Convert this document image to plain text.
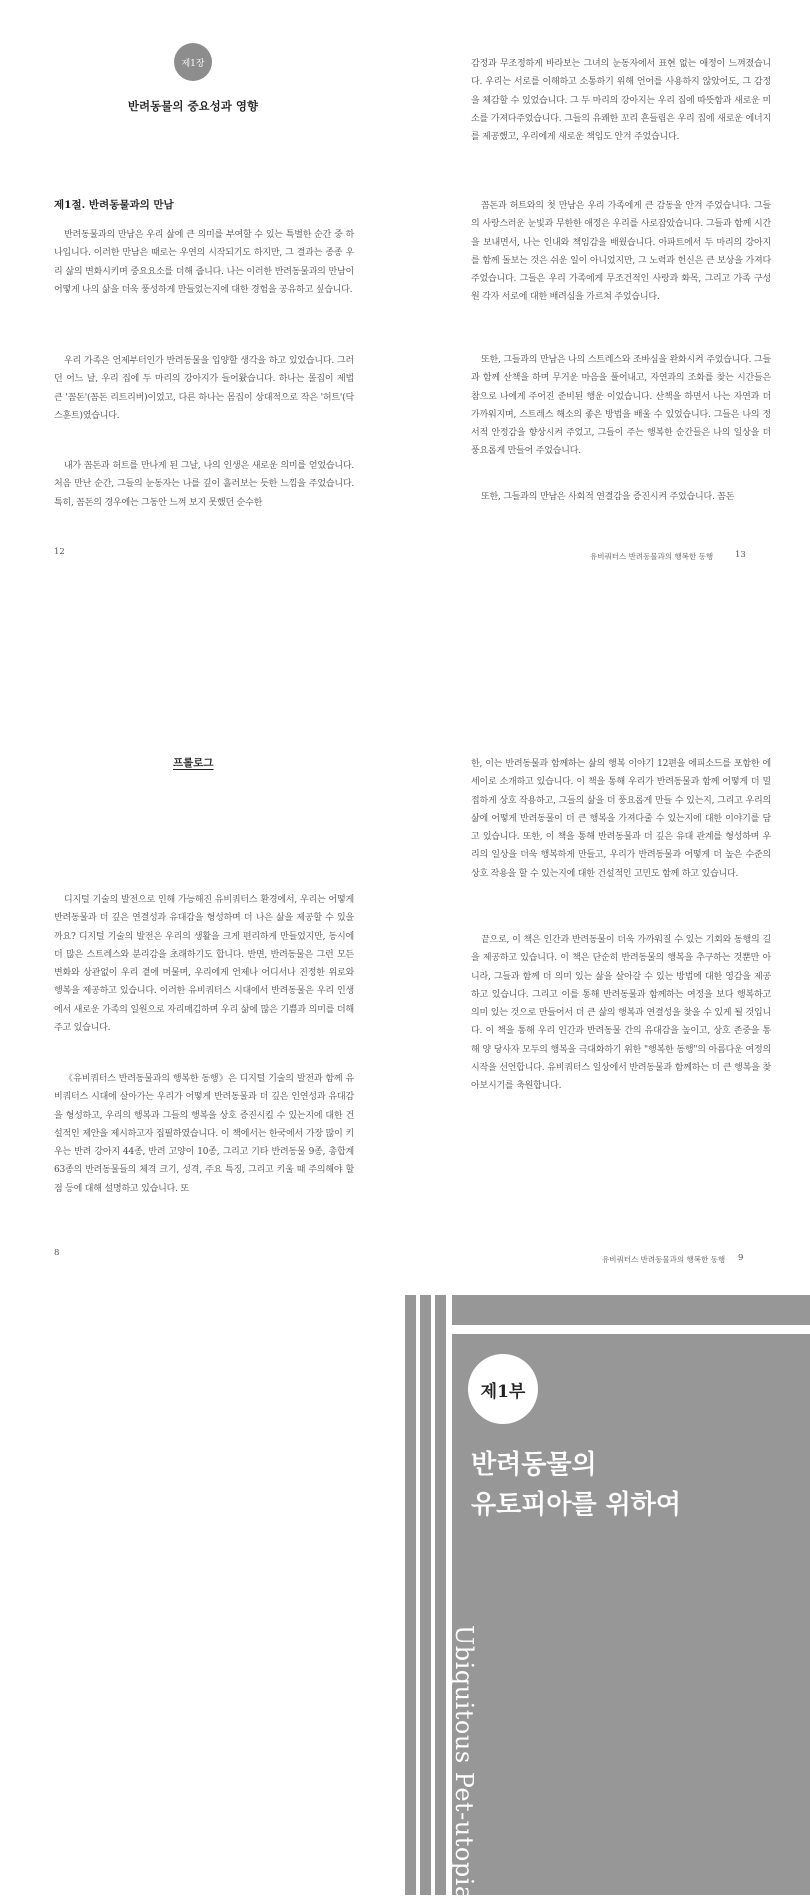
제1장
반려동물의 중요성과 영향
제1절. 반려동물과의 만남

반려동물과의 만남은 우리 삶에 큰 의미를 부여할 수 있는 특별한 순간 중 하나입니다. 이러한 만남은 때로는 우연의 시작되기도 하지만, 그 결과는 종종 우리 삶의 변화시키며 중요요소를 더해 줍니다. 나는 이러한 반려동물과의 만남이 어떻게 나의 삶을 더욱 풍성하게 만들었는지에 대한 경험을 공유하고 싶습니다.

우리 가족은 언제부터인가 반려동물을 입양할 생각을 하고 있었습니다. 그러던 어느 날, 우리 집에 두 마리의 강아지가 들어왔습니다. 하나는 몰집이 제법 큰 '꼼돈'(꼼돈 리트리버)이었고, 다른 하나는 몸집이 상대적으로 작은 '허트'(닥스훈트)였습니다.

내가 꼼돈과 허트를 만나게 된 그날, 나의 인생은 새로운 의미를 얻었습니다. 처음 만난 순간, 그들의 눈동자는 나를 깊이 흘러보는 듯한 느낌을 주었습니다. 특히, 꼼돈의 경우에는 그동안 느껴 보지 못했던 순수한

12

감정과 무조정하게 바라보는 그녀의 눈동자에서 표현 없는 애정이 느껴졌습니다. 우리는 서로를 이해하고 소통하기 위해 언어를 사용하지 않았어도, 그 감정을 체감할 수 있었습니다. 그 두 마리의 강아지는 우리 집에 따뜻함과 새로운 미소를 가져다주었습니다. 그들의 유쾌한 꼬리 흔들림은 우리 집에 새로운 에너지를 제공했고, 우리에게 새로운 책임도 안겨 주었습니다.

꼼돈과 허트와의 첫 만남은 우리 가족에게 큰 감동을 안겨 주었습니다. 그들의 사랑스러운 눈빛과 무한한 애정은 우리를 사로잡았습니다. 그들과 함께 시간을 보내면서, 나는 인내와 책임감을 배웠습니다. 아파트에서 두 마리의 강아지를 함께 돌보는 것은 쉬운 일이 아니었지만, 그 노력과 헌신은 큰 보상을 가져다주었습니다. 그들은 우리 가족에게 무조건적인 사랑과 화목, 그리고 가족 구성원 각자 서로에 대한 배려심을 가르쳐 주었습니다.

또한, 그들과의 만남은 나의 스트레스와 조바심을 완화시켜 주었습니다. 그들과 함께 산책을 하며 무거운 마음을 풀어내고, 자연과의 조화를 찾는 시간들은 참으로 나에게 주어진 준비된 행운 이었습니다. 산책을 하면서 나는 자연과 더 가까워지며, 스트레스 해소의 좋은 방법을 배울 수 있었습니다. 그들은 나의 정서적 안정감을 향상시켜 주었고, 그들이 주는 행복한 순간들은 나의 일상을 더 풍요롭게 만들어 주었습니다.

또한, 그들과의 만남은 사회적 연결감을 증진시켜 주었습니다. 꼼돈

유비쿼터스 반려동물과의 행복한 동행	13
프롤로그

디지털 기술의 발전으로 인해 가능해진 유비쿼터스 환경에서, 우리는 어떻게 반려동물과 더 깊은 연결성과 유대감을 형성하며 더 나은 삶을 제공할 수 있을까요? 디지털 기술의 발전은 우리의 생활을 크게 편리하게 만들었지만, 동시에 더 많은 스트레스와 분리감을 초래하기도 합니다. 반면, 반려동물은 그런 모든 변화와 상관없이 우리 곁에 머물며, 우리에게 언제나 어디서나 진정한 위로와 행복을 제공하고 있습니다. 이러한 유비쿼터스 시대에서 반려동물은 우리 인생에서 새로운 가족의 일원으로 자리매김하며 우리 삶에 많은 기쁨과 의미를 더해 주고 있습니다.

《유비쿼터스 반려동물과의 행복한 동행》은 디지털 기술의 발전과 함께 유비쿼터스 시대에 살아가는 우리가 어떻게 반려동물과 더 깊은 인연성과 유대감을 형성하고, 우리의 행복과 그들의 행복을 상호 증진시킬 수 있는지에 대한 건설적인 제안을 제시하고자 집필하였습니다. 이 책에서는 한국에서 가장 많이 키우는 반려 강아지 44종, 반려 고양이 10종, 그리고 기타 반려동물 9종, 총합계 63종의 반려동물들의 체격 크기, 성격, 주요 특징, 그리고 키울 때 주의해야 할 점 등에 대해 설명하고 있습니다. 또

8

한, 이는 반려동물과 함께하는 삶의 행복 이야기 12편을 에피소드를 포함한 에세이로 소개하고 있습니다. 이 책을 통해 우리가 반려동물과 함께 어떻게 더 밀접하게 상호 작용하고, 그들의 삶을 더 풍요롭게 만들 수 있는지, 그리고 우리의 삶에 어떻게 반려동물이 더 큰 행복을 가져다줄 수 있는지에 대한 이야기를 담고 있습니다. 또한, 이 책을 통해 반려동물과 더 깊은 유대 관계를 형성하며 우리의 일상을 더욱 행복하게 만들고, 우리가 반려동물과 어떻게 더 높은 수준의 상호 작용을 할 수 있는지에 대한 건설적인 고민도 함께 하고 있습니다.

끝으로, 이 책은 인간과 반려동물이 더욱 가까워질 수 있는 기회와 동행의 길을 제공하고 있습니다. 이 책은 단순히 반려동물의 행복을 추구하는 것뿐만 아니라, 그들과 함께 더 의미 있는 삶을 살아갈 수 있는 방법에 대한 영감을 제공하고 있습니다. 그리고 이를 통해 반려동물과 함께하는 여정을 보다 행복하고 의미 있는 것으로 만들어서 더 큰 삶의 행복과 연결성을 찾을 수 있게 될 것입니다. 이 책을 통해 우리 인간과 반려동물 간의 유대감을 높이고, 상호 존중을 통해 양 당사자 모두의 행복을 극대화하기 위한 "행복한 동행"의 아름다운 여정의 시작을 선언합니다. 유비쿼터스 일상에서 반려동물과 함께하는 더 큰 행복을 찾아보시기를 축원합니다.

유비쿼터스 반려동물과의 행복한 동행 9
제1부
반려동물의
유토피아를 위하여
Ubiquitous Pet-utopia
